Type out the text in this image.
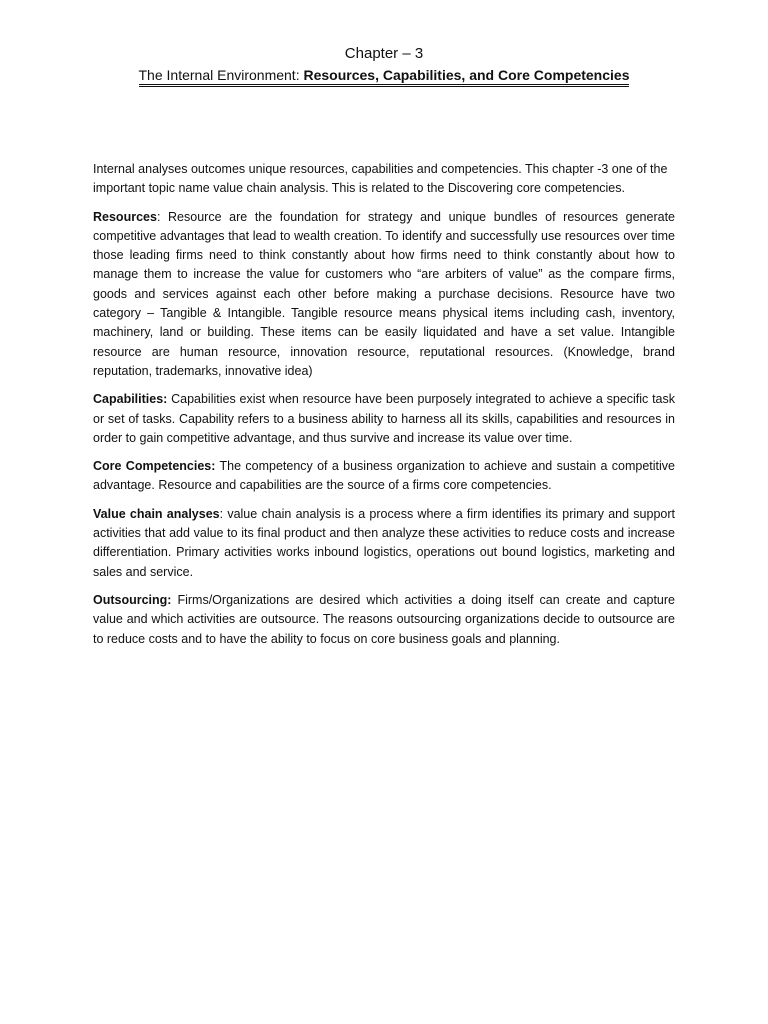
Chapter – 3
The Internal Environment: Resources, Capabilities, and Core Competencies

Internal analyses outcomes unique resources, capabilities and competencies. This chapter -3 one of the important topic name value chain analysis. This is related to the Discovering core competencies.

Resources: Resource are the foundation for strategy and unique bundles of resources generate competitive advantages that lead to wealth creation. To identify and successfully use resources over time those leading firms need to think constantly about how firms need to think constantly about how to manage them to increase the value for customers who “are arbiters of value” as the compare firms, goods and services against each other before making a purchase decisions. Resource have two category – Tangible & Intangible. Tangible resource means physical items including cash, inventory, machinery, land or building. These items can be easily liquidated and have a set value. Intangible resource are human resource, innovation resource, reputational resources. (Knowledge, brand reputation, trademarks, innovative idea)

Capabilities: Capabilities exist when resource have been purposely integrated to achieve a specific task or set of tasks. Capability refers to a business ability to harness all its skills, capabilities and resources in order to gain competitive advantage, and thus survive and increase its value over time.

Core Competencies: The competency of a business organization to achieve and sustain a competitive advantage. Resource and capabilities are the source of a firms core competencies.

Value chain analyses: value chain analysis is a process where a firm identifies its primary and support activities that add value to its final product and then analyze these activities to reduce costs and increase differentiation. Primary activities works inbound logistics, operations out bound logistics, marketing and sales and service.

Outsourcing: Firms/Organizations are desired which activities a doing itself can create and capture value and which activities are outsource. The reasons outsourcing organizations decide to outsource are to reduce costs and to have the ability to focus on core business goals and planning.
